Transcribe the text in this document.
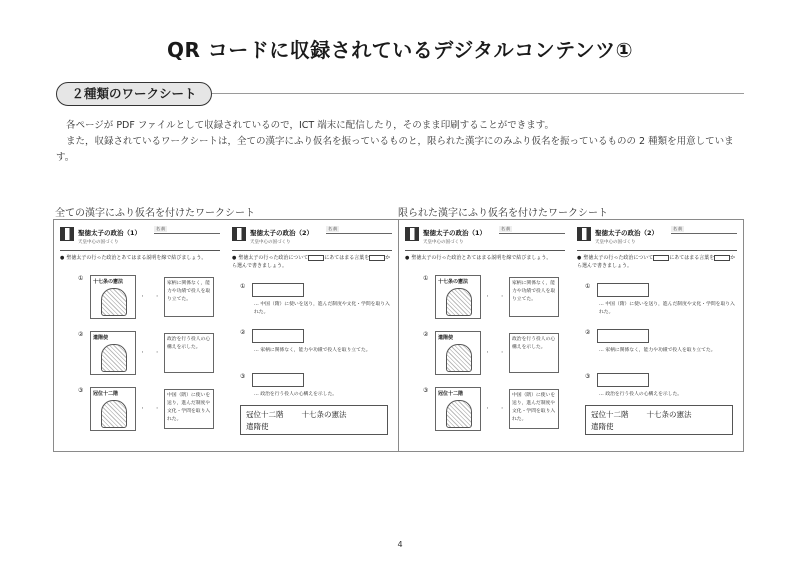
QR コードに収録されているデジタルコンテンツ①
２種類のワークシート

各ページが PDF ファイルとして収録されているので，ICT 端末に配信したり，そのまま印刷することができます。

また，収録されているワークシートは，全ての漢字にふり仮名を振っているものと，限られた漢字にのみふり仮名を振っているものの 2 種類を用意しています。

全ての漢字にふり仮名を付けたワークシート	限られた漢字にふり仮名を付けたワークシート
聖徳太子の政治（1）
天皇中心の国づくり
名 前
● 聖徳太子の行った政治とあてはまる説明を線で結びましょう。
① 十七条の憲法
・ ・
家柄に関係なく，能力や功績で役人を取り立てた。
② 遣隋使
・ ・
政治を行う役人の心構えを示した。
③ 冠位十二階
・ ・
中国（隋）に使いを送り，進んだ制度や文化・学問を取り入れた。
聖徳太子の政治（2）
天皇中心の国づくり
名 前
● 聖徳太子の行った政治について	にあてはまる言葉を	から選んで書きましょう。
①
… 中国（隋）に使いを送り，進んだ制度や文化・学問を取り入れた。
②
… 家柄に関係なく，能力や功績で役人を取り立てた。
③
… 政治を行う役人の心構えを示した。
冠位十二階 十七条の憲法
遣隋使
聖徳太子の政治（1）
天皇中心の国づくり
名 前
● 聖徳太子の行った政治とあてはまる説明を線で結びましょう。
① 十七条の憲法
・ ・
家柄に関係なく，能力や功績で役人を取り立てた。
② 遣隋使
・ ・
政治を行う役人の心構えを示した。
③ 冠位十二階
・ ・
中国（隋）に使いを送り，進んだ制度や文化・学問を取り入れた。
聖徳太子の政治（2）
天皇中心の国づくり
名 前
● 聖徳太子の行った政治について	にあてはまる言葉を	から選んで書きましょう。
①
… 中国（隋）に使いを送り，進んだ制度や文化・学問を取り入れた。
②
… 家柄に関係なく，能力や功績で役人を取り立てた。
③
… 政治を行う役人の心構えを示した。
冠位十二階 十七条の憲法
遣隋使
4
